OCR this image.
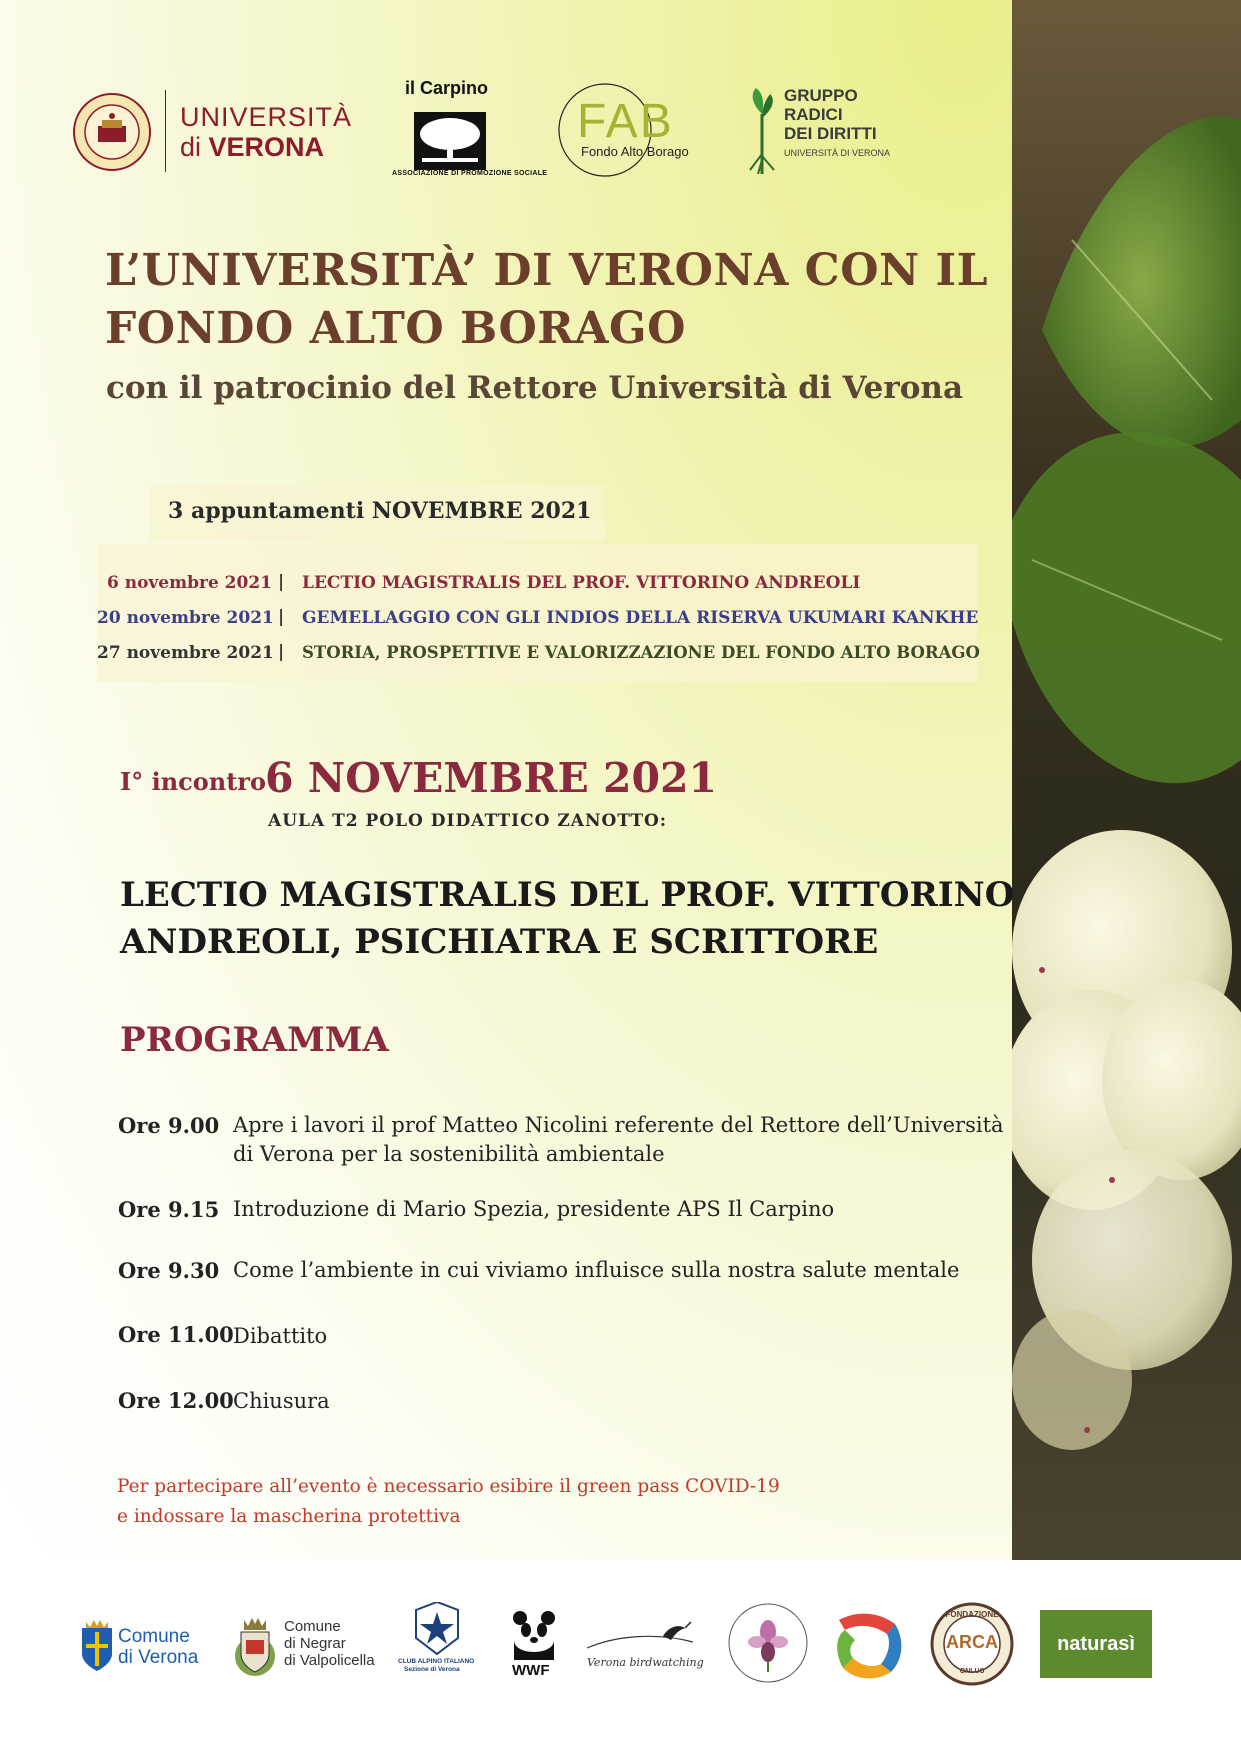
UNIVERSITÀ
di VERONA
il Carpino
ASSOCIAZIONE DI PROMOZIONE SOCIALE
FAB
Fondo Alto Borago
GRUPPO
RADICI
DEI DIRITTI
UNIVERSITÀ DI VERONA
L’UNIVERSITÀ’ DI VERONA CON IL
FONDO ALTO BORAGO
con il patrocinio del Rettore Università di Verona
3 appuntamenti NOVEMBRE 2021
6 novembre 2021 | LECTIO MAGISTRALIS DEL PROF. VITTORINO ANDREOLI
20 novembre 2021 | GEMELLAGGIO CON GLI INDIOS DELLA RISERVA UKUMARI KANKHE
27 novembre 2021 | STORIA, PROSPETTIVE E VALORIZZAZIONE DEL FONDO ALTO BORAGO
I° incontro 6 NOVEMBRE 2021
AULA T2 POLO DIDATTICO ZANOTTO:
LECTIO MAGISTRALIS DEL PROF. VITTORINO
ANDREOLI, PSICHIATRA E SCRITTORE
PROGRAMMA
Ore 9.00 Apre i lavori il prof Matteo Nicolini referente del Rettore dell’Università
di Verona per la sostenibilità ambientale
Ore 9.15 Introduzione di Mario Spezia, presidente APS Il Carpino
Ore 9.30 Come l’ambiente in cui viviamo influisce sulla nostra salute mentale
Ore 11.00 Dibattito
Ore 12.00 Chiusura
Per partecipare all’evento è necessario esibire il green pass COVID-19
e indossare la mascherina protettiva
Comune
di Verona
Comune
di Negrar
di Valpolicella	CLUB ALPINO ITALIANO
Sezione di Verona	WWF	Verona birdwatching
FONDAZIONE
ARCA
ONLUS
naturasì
